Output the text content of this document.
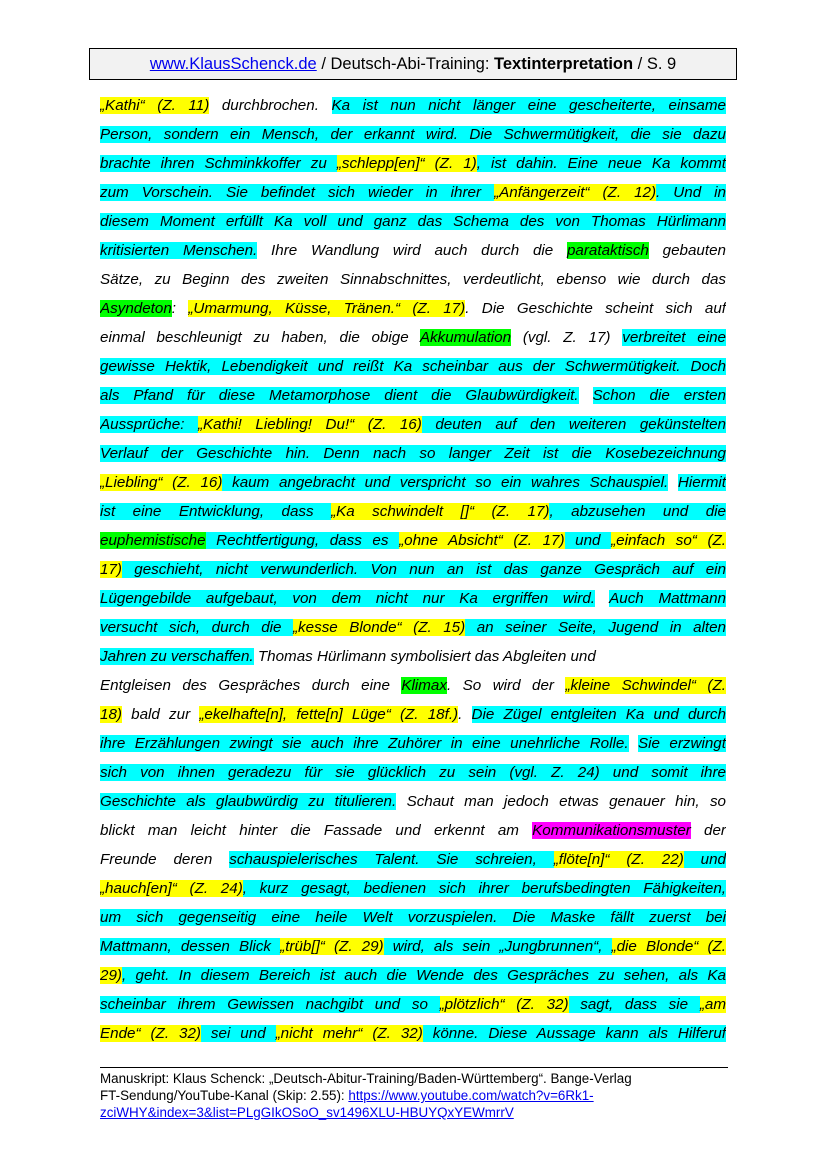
www.KlausSchenck.de / Deutsch-Abi-Training: Textinterpretation / S. 9
„Kathi“ (Z. 11) durchbrochen. Ka ist nun nicht länger eine gescheiterte, einsame
Person, sondern ein Mensch, der erkannt wird. Die Schwermütigkeit, die sie dazu
brachte ihren Schminkkoffer zu „schlepp[en]“ (Z. 1), ist dahin. Eine neue Ka kommt
zum Vorschein. Sie befindet sich wieder in ihrer „Anfängerzeit“ (Z. 12). Und in
diesem Moment erfüllt Ka voll und ganz das Schema des von Thomas Hürlimann
kritisierten Menschen. Ihre Wandlung wird auch durch die parataktisch gebauten
Sätze, zu Beginn des zweiten Sinnabschnittes, verdeutlicht, ebenso wie durch das
Asyndeton: „Umarmung, Küsse, Tränen.“ (Z. 17). Die Geschichte scheint sich auf
einmal beschleunigt zu haben, die obige Akkumulation (vgl. Z. 17) verbreitet eine
gewisse Hektik, Lebendigkeit und reißt Ka scheinbar aus der Schwermütigkeit. Doch
als Pfand für diese Metamorphose dient die Glaubwürdigkeit. Schon die ersten
Aussprüche: „Kathi! Liebling! Du!“ (Z. 16) deuten auf den weiteren gekünstelten
Verlauf der Geschichte hin. Denn nach so langer Zeit ist die Kosebezeichnung
„Liebling“ (Z. 16) kaum angebracht und verspricht so ein wahres Schauspiel. Hiermit
ist eine Entwicklung, dass „Ka schwindelt []“ (Z. 17), abzusehen und die
euphemistische Rechtfertigung, dass es „ohne Absicht“ (Z. 17) und „einfach so“ (Z.
17) geschieht, nicht verwunderlich. Von nun an ist das ganze Gespräch auf ein
Lügengebilde aufgebaut, von dem nicht nur Ka ergriffen wird. Auch Mattmann
versucht sich, durch die „kesse Blonde“ (Z. 15) an seiner Seite, Jugend in alten
Jahren zu verschaffen. Thomas Hürlimann symbolisiert das Abgleiten und
Entgleisen des Gespräches durch eine Klimax. So wird der „kleine Schwindel“ (Z.
18) bald zur „ekelhafte[n], fette[n] Lüge“ (Z. 18f.). Die Zügel entgleiten Ka und durch
ihre Erzählungen zwingt sie auch ihre Zuhörer in eine unehrliche Rolle. Sie erzwingt
sich von ihnen geradezu für sie glücklich zu sein (vgl. Z. 24) und somit ihre
Geschichte als glaubwürdig zu titulieren. Schaut man jedoch etwas genauer hin, so
blickt man leicht hinter die Fassade und erkennt am Kommunikationsmuster der
Freunde deren schauspielerisches Talent. Sie schreien, „flöte[n]“ (Z. 22) und
„hauch[en]“ (Z. 24), kurz gesagt, bedienen sich ihrer berufsbedingten Fähigkeiten,
um sich gegenseitig eine heile Welt vorzuspielen. Die Maske fällt zuerst bei
Mattmann, dessen Blick „trüb[]“ (Z. 29) wird, als sein „Jungbrunnen“, „die Blonde“ (Z.
29), geht. In diesem Bereich ist auch die Wende des Gespräches zu sehen, als Ka
scheinbar ihrem Gewissen nachgibt und so „plötzlich“ (Z. 32) sagt, dass sie „am
Ende“ (Z. 32) sei und „nicht mehr“ (Z. 32) könne. Diese Aussage kann als Hilferuf
Manuskript: Klaus Schenck: „Deutsch-Abitur-Training/Baden-Württemberg“. Bange-Verlag
FT-Sendung/YouTube-Kanal (Skip: 2.55): https://www.youtube.com/watch?v=6Rk1-
zciWHY&index=3&list=PLgGIkOSoO_sv1496XLU-HBUYQxYEWmrrV
